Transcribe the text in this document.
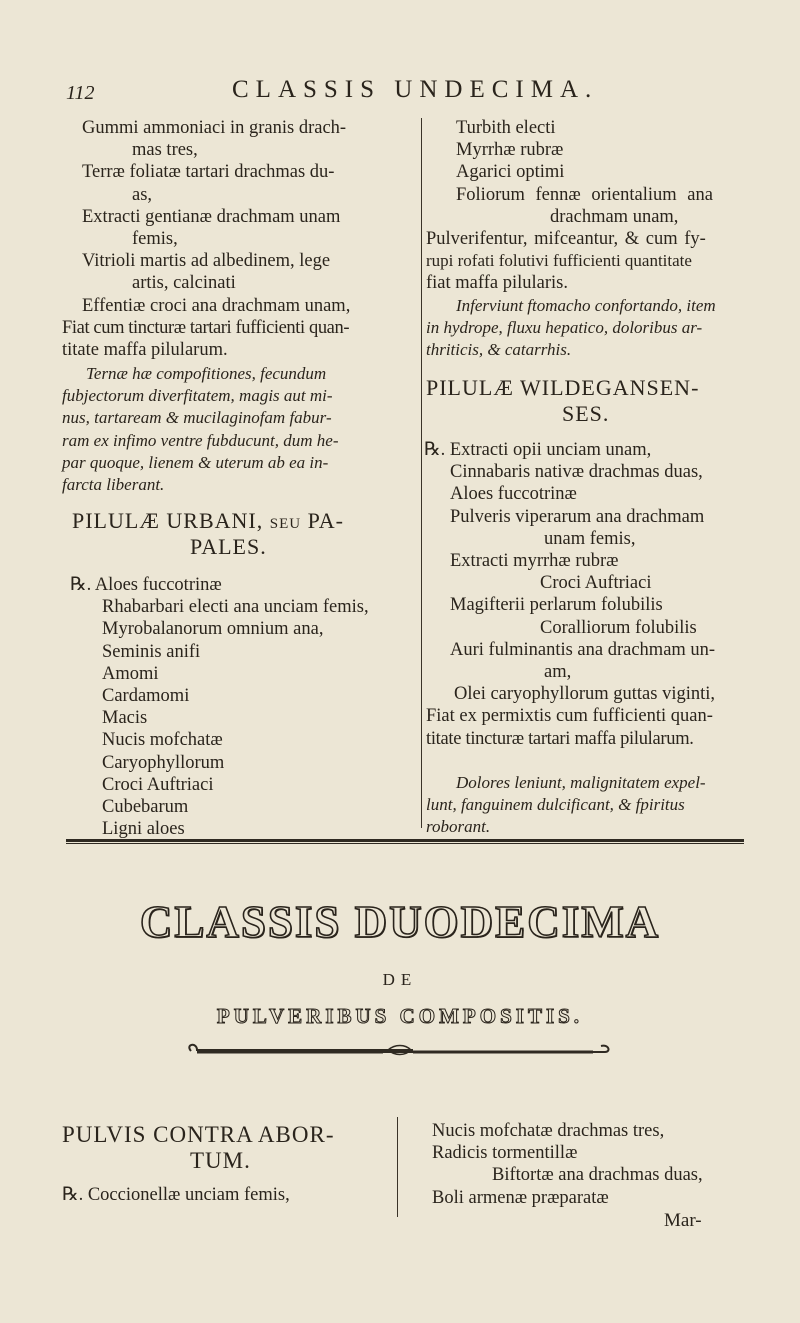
112	CLASSIS UNDECIMA.
Gummi ammoniaci in granis drach-
mas tres,
Terræ foliatæ tartari drachmas du-
as,
Extracti gentianæ drachmam unam
femis,
Vitrioli martis ad albedinem, lege
artis, calcinati
Effentiæ croci ana drachmam unam,
Fiat cum tincturæ tartari fufficienti quan-
titate maffa pilularum.
Ternæ hæ compofitiones, fecundum
fubjectorum diverfitatem, magis aut mi-
nus, tartaream & mucilaginofam fabur-
ram ex infimo ventre fubducunt, dum he-
par quoque, lienem & uterum ab ea in-
farcta liberant.
PILULÆ URBANI, SEU PA-
PALES.
℞. Aloes fuccotrinæ
Rhabarbari electi ana unciam femis,
Myrobalanorum omnium ana,
Seminis anifi
Amomi
Cardamomi
Macis
Nucis mofchatæ
Caryophyllorum
Croci Auftriaci
Cubebarum
Ligni aloes
Turbith electi
Myrrhæ rubræ
Agarici optimi
Foliorum fennæ orientalium ana
drachmam unam,
Pulverifentur, mifceantur, & cum fy-
rupi rofati folutivi fufficienti quantitate
fiat maffa pilularis.
Inferviunt ftomacho confortando, item
in hydrope, fluxu hepatico, doloribus ar-
thriticis, & catarrhis.
PILULÆ WILDEGANSEN-
SES.
℞. Extracti opii unciam unam,
Cinnabaris nativæ drachmas duas,
Aloes fuccotrinæ
Pulveris viperarum ana drachmam
unam femis,
Extracti myrrhæ rubræ
Croci Auftriaci
Magifterii perlarum folubilis
Coralliorum folubilis
Auri fulminantis ana drachmam un-
am,
Olei caryophyllorum guttas viginti,
Fiat ex permixtis cum fufficienti quan-
titate tincturæ tartari maffa pilularum.
Dolores leniunt, malignitatem expel-
lunt, fanguinem dulcificant, & fpiritus
roborant.
CLASSIS DUODECIMA
DE
PULVERIBUS COMPOSITIS.
PULVIS CONTRA ABOR-
TUM.
℞. Coccionellæ unciam femis,
Nucis mofchatæ drachmas tres,
Radicis tormentillæ
Biftortæ ana drachmas duas,
Boli armenæ præparatæ
Mar-
